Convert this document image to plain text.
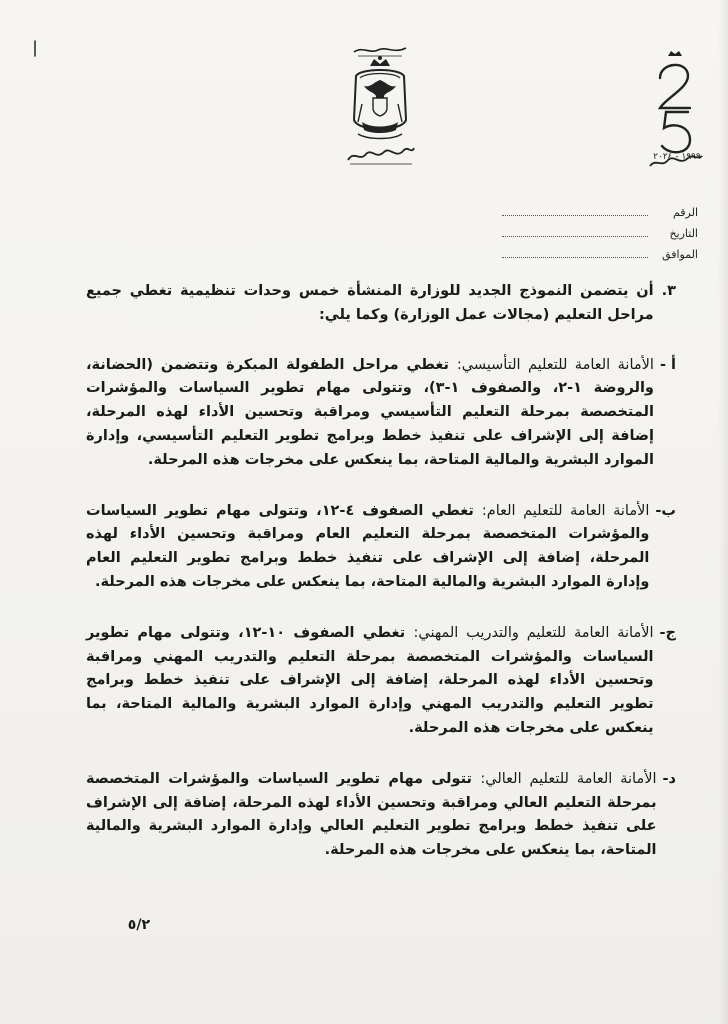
١٩٩٩ - ٢٠٢٤
الرقم
التاريخ
الموافق
٣.
أن يتضمن النموذج الجديد للوزارة المنشأة خمس وحدات تنظيمية تغطي جميع مراحل التعليم (مجالات عمل الوزارة) وكما يلي:
أ -
الأمانة العامة للتعليم التأسيسي: تغطي مراحل الطفولة المبكرة وتتضمن (الحضانة، والروضة ١-٢، والصفوف ١-٣)، وتتولى مهام تطوير السياسات والمؤشرات المتخصصة بمرحلة التعليم التأسيسي ومراقبة وتحسين الأداء لهذه المرحلة، إضافة إلى الإشراف على تنفيذ خطط وبرامج تطوير التعليم التأسيسي، وإدارة الموارد البشرية والمالية المتاحة، بما ينعكس على مخرجات هذه المرحلة.
ب-
الأمانة العامة للتعليم العام: تغطي الصفوف ٤-١٢، وتتولى مهام تطوير السياسات والمؤشرات المتخصصة بمرحلة التعليم العام ومراقبة وتحسين الأداء لهذه المرحلة، إضافة إلى الإشراف على تنفيذ خطط وبرامج تطوير التعليم العام وإدارة الموارد البشرية والمالية المتاحة، بما ينعكس على مخرجات هذه المرحلة.
ج-
الأمانة العامة للتعليم والتدريب المهني: تغطي الصفوف ١٠-١٢، وتتولى مهام تطوير السياسات والمؤشرات المتخصصة بمرحلة التعليم والتدريب المهني ومراقبة وتحسين الأداء لهذه المرحلة، إضافة إلى الإشراف على تنفيذ خطط وبرامج تطوير التعليم والتدريب المهني وإدارة الموارد البشرية والمالية المتاحة، بما ينعكس على مخرجات هذه المرحلة.
د-
الأمانة العامة للتعليم العالي: تتولى مهام تطوير السياسات والمؤشرات المتخصصة بمرحلة التعليم العالي ومراقبة وتحسين الأداء لهذه المرحلة، إضافة إلى الإشراف على تنفيذ خطط وبرامج تطوير التعليم العالي وإدارة الموارد البشرية والمالية المتاحة، بما ينعكس على مخرجات هذه المرحلة.
٥/٢
